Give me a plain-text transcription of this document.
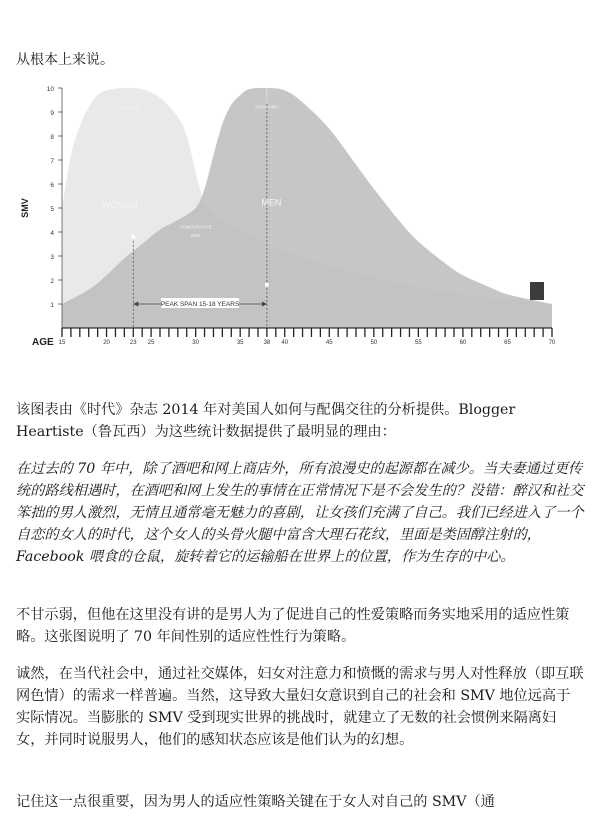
从根本上来说。
1
2
3
4
5
6
7
8
9
10
SMV
15	20	23 25	30	35	38 40	45	50	55	60	65	70
AGE
PEAK SMV	PEAK SMV
COMPARATIVE
SMV
PEAK SPAN 15-18 YEARS
WOMEN	MEN

该图表由《时代》杂志 2014 年对美国人如何与配偶交往的分析提供。Blogger Heartiste（鲁瓦西）为这些统计数据提供了最明显的理由：

在过去的 70 年中，除了酒吧和网上商店外，所有浪漫史的起源都在减少。当夫妻通过更传统的路线相遇时，在酒吧和网上发生的事情在正常情况下是不会发生的？没错：醉汉和社交笨拙的男人激烈，无情且通常毫无魅力的喜剧，让女孩们充满了自己。我们已经进入了一个自恋的女人的时代，这个女人的头骨火腿中富含大理石花纹，里面是类固醇注射的，Facebook 喂食的仓鼠，旋转着它的运输船在世界上的位置，作为生存的中心。

不甘示弱，但他在这里没有讲的是男人为了促进自己的性爱策略而务实地采用的适应性策略。这张图说明了 70 年间性别的适应性性行为策略。

诚然，在当代社会中，通过社交媒体，妇女对注意力和愤慨的需求与男人对性释放（即互联网色情）的需求一样普遍。当然，这导致大量妇女意识到自己的社会和 SMV 地位远高于实际情况。当膨胀的 SMV 受到现实世界的挑战时，就建立了无数的社会惯例来隔离妇女，并同时说服男人，他们的感知状态应该是他们认为的幻想。

记住这一点很重要，因为男人的适应性策略关键在于女人对自己的 SMV（通
